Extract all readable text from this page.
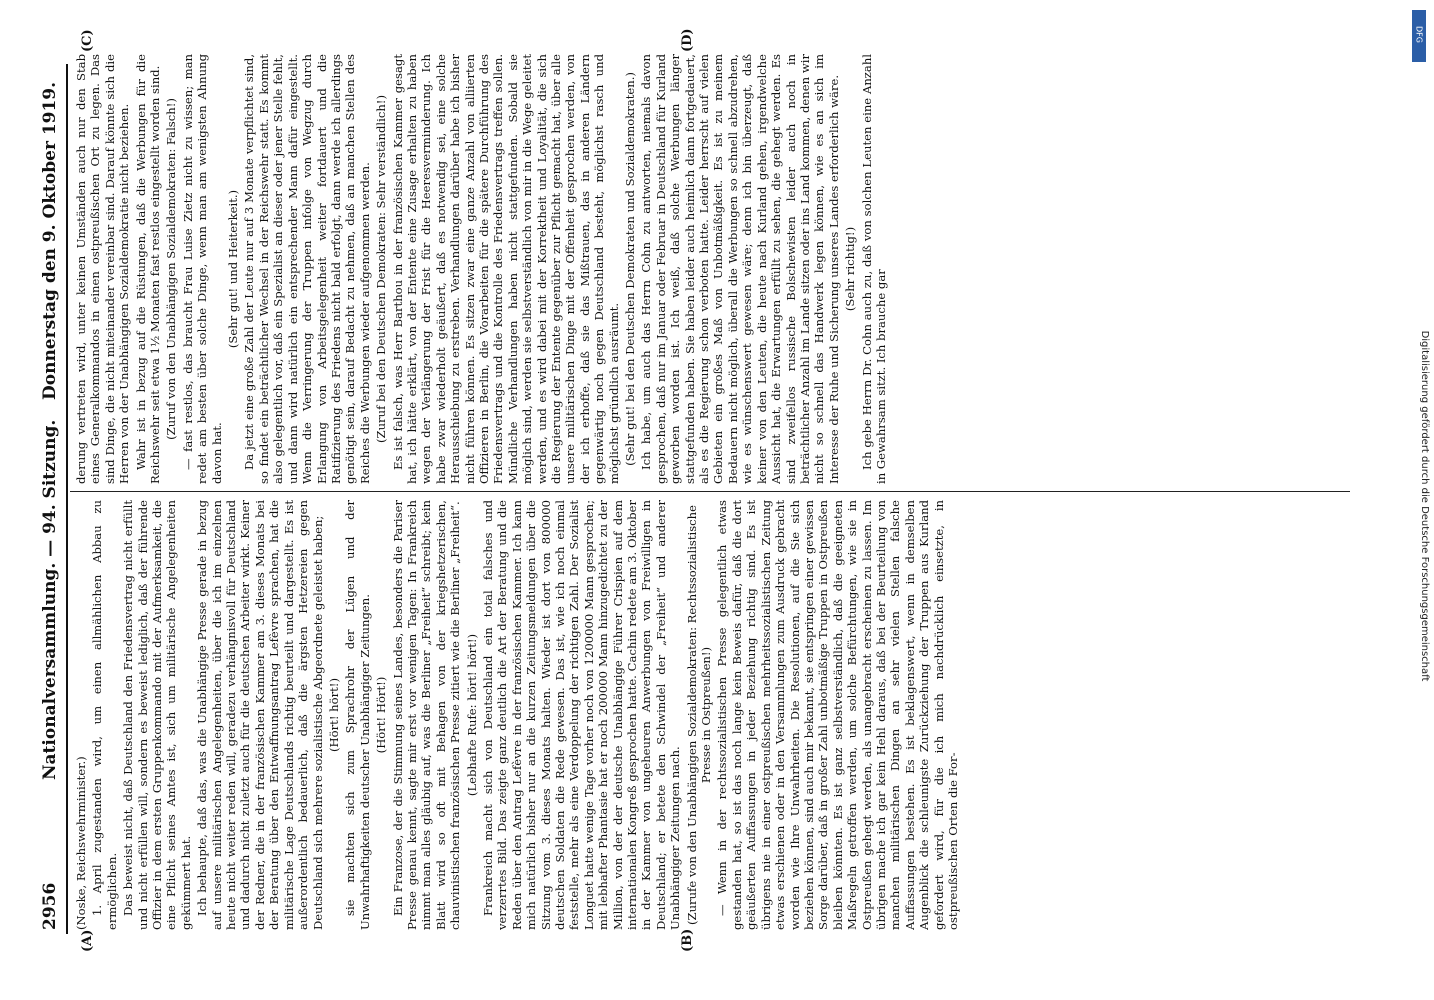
2956
Nationalversammlung. — 94. Sitzung.
Donnerstag den 9. Oktober 1919.
(A)	(B)
(C)	(D)

(Noske, Reichswehrminister.) 1. April zugestanden wird, um einen allmählichen Abbau zu ermöglichen. Das beweist nicht, daß Deutschland den Friedensvertrag nicht erfüllt und nicht erfüllen will, sondern es beweist lediglich, daß der führende Offizier in dem ersten Gruppenkommando mit der Aufmerksamkeit, die eine Pflicht seines Amtes ist, sich um militärische Angelegenheiten gekümmert hat. Ich behaupte, daß das, was die Unabhängige Presse gerade in bezug auf unsere militärischen Angelegenheiten, über die ich im einzelnen heute nicht weiter reden will, geradezu verhängnisvoll für Deutschland und dadurch nicht zuletzt auch für die deutschen Arbeiter wirkt. Keiner der Redner, die in der französischen Kammer am 3. dieses Monats bei der Beratung über den Entwaffnungsantrag Lefèvre sprachen, hat die militärische Lage Deutschlands richtig beurteilt und dargestellt. Es ist außerordentlich bedauerlich, daß die ärgsten Hetzereien gegen Deutschland sich mehrere sozialistische Abgeordnete geleistet haben; (Hört! hört!) sie machten sich zum Sprachrohr der Lügen und der Unwahrhaftigkeiten deutscher Unabhängiger Zeitungen. (Hört! Hört!) Ein Franzose, der die Stimmung seines Landes, besonders die Pariser Presse genau kennt, sagte mir erst vor wenigen Tagen: In Frankreich nimmt man alles gläubig auf, was die Berliner „Freiheit“ schreibt; kein Blatt wird so oft mit Behagen von der kriegshetzerischen, chauvinistischen französischen Presse zitiert wie die Berliner „Freiheit“. (Lebhafte Rufe: hört! hört!) Frankreich macht sich von Deutschland ein total falsches und verzerrtes Bild. Das zeigte ganz deutlich die Art der Beratung und die Reden über den Antrag Lefèvre in der französischen Kammer. Ich kann mich natürlich bisher nur an die kurzen Zeitungsmeldungen über die Sitzung vom 3. dieses Monats halten. Wieder ist dort von 800000 deutschen Soldaten die Rede gewesen. Das ist, wie ich noch einmal feststelle, mehr als eine Verdoppelung der richtigen Zahl. Der Sozialist Longuet hatte wenige Tage vorher noch von 1200000 Mann gesprochen; mit lebhafter Phantasie hat er noch 200000 Mann hinzugedichtet zu der Million, von der der deutsche Unabhängige Führer Crispien auf dem internationalen Kongreß gesprochen hatte. Cachin redete am 3. Oktober in der Kammer von ungeheuren Anwerbungen von Freiwilligen in Deutschland; er betete den Schwindel der „Freiheit“ und anderer Unabhängiger Zeitungen nach. (Zurufe von den Unabhängigen Sozialdemokraten: Rechtssozialistische Presse in Ostpreußen!) — Wenn in der rechtssozialistischen Presse gelegentlich etwas gestanden hat, so ist das noch lange kein Beweis dafür, daß die dort geäußerten Auffassungen in jeder Beziehung richtig sind. Es ist übrigens nie in einer ostpreußischen mehrheitssozialistischen Zeitung etwas erschienen oder in den Versammlungen zum Ausdruck gebracht worden wie Ihre Unwahrheiten. Die Resolutionen, auf die Sie sich beziehen können, sind auch mir bekannt, sie entspringen einer gewissen Sorge darüber, daß in großer Zahl unbotmäßige Truppen in Ostpreußen bleiben könnten. Es ist ganz selbstverständlich, daß die geeigneten Maßregeln getroffen werden, um solche Befürchtungen, wie sie in Ostpreußen gehegt werden, als unangebracht erscheinen zu lassen. Im übrigen mache ich gar kein Hehl daraus, daß bei der Beurteilung von manchen militärischen Dingen an sehr vielen Stellen falsche Auffassungen bestehen. Es ist beklagenswert, wenn in demselben Augenblick die schleunigste Zurückziehung der Truppen aus Kurland gefordert wird, für die ich mich nachdrücklich einsetzte, in ostpreußischen Orten die For-

derung vertreten wird, unter keinen Umständen auch nur den Stab eines Generalkommandos in einen ostpreußischen Ort zu legen. Das sind Dinge, die nicht miteinander vereinbar sind. Darauf könnte sich die Herren von der Unabhängigen Sozialdemokratie nicht beziehen. Wahr ist in bezug auf die Rüstungen, daß die Werbungen für die Reichswehr seit etwa 1½ Monaten fast restlos eingestellt worden sind. (Zuruf von den Unabhängigen Sozialdemokraten: Falsch!) — fast restlos, das braucht Frau Luise Zietz nicht zu wissen; man redet am besten über solche Dinge, wenn man am wenigsten Ahnung davon hat.

(Sehr gut! und Heiterkeit.) Da jetzt eine große Zahl der Leute nur auf 3 Monate verpflichtet sind, so findet ein beträchtlicher Wechsel in der Reichswehr statt. Es kommt also gelegentlich vor, daß ein Spezialist an dieser oder jener Stelle fehlt, und dann wird natürlich ein entsprechender Mann dafür eingestellt. Wenn die Verringerung der Truppen infolge von Wegzug durch Erlangung von Arbeitsgelegenheit weiter fortdauert und die Ratifizierung des Friedens nicht bald erfolgt, dann werde ich allerdings genötigt sein, darauf Bedacht zu nehmen, daß an manchen Stellen des Reiches die Werbungen wieder aufgenommen werden. (Zuruf bei den Deutschen Demokraten: Sehr verständlich!) Es ist falsch, was Herr Barthou in der französischen Kammer gesagt hat, ich hätte erklärt, von der Entente eine Zusage erhalten zu haben wegen der Verlängerung der Frist für die Heeresverminderung. Ich habe zwar wiederholt geäußert, daß es notwendig sei, eine solche Herausschiebung zu erstreben. Verhandlungen darüber habe ich bisher nicht führen können. Es sitzen zwar eine ganze Anzahl von alliierten Offizieren in Berlin, die Vorarbeiten für die spätere Durchführung des Friedensvertrags und die Kontrolle des Friedensvertrags treffen sollen. Mündliche Verhandlungen haben nicht stattgefunden. Sobald sie möglich sind, werden sie selbstverständlich von mir in die Wege geleitet werden, und es wird dabei mit der Korrektheit und Loyalität, die sich die Regierung der Entente gegenüber zur Pflicht gemacht hat, über alle unsere militärischen Dinge mit der Offenheit gesprochen werden, von der ich erhoffe, daß sie das Mißtrauen, das in anderen Ländern gegenwärtig noch gegen Deutschland besteht, möglichst rasch und möglichst gründlich ausräumt. (Sehr gut! bei den Deutschen Demokraten und Sozialdemokraten.) Ich habe, um auch das Herrn Cohn zu antworten, niemals davon gesprochen, daß nur im Januar oder Februar in Deutschland für Kurland geworben worden ist. Ich weiß, daß solche Werbungen länger stattgefunden haben. Sie haben leider auch heimlich dann fortgedauert, als es die Regierung schon verboten hatte. Leider herrscht auf vielen Gebieten ein großes Maß von Unbotmäßigkeit. Es ist zu meinem Bedauern nicht möglich, überall die Werbungen so schnell abzudrehen, wie es wünschenswert gewesen wäre; denn ich bin überzeugt, daß keiner von den Leuten, die heute nach Kurland gehen, irgendwelche Aussicht hat, die Erwartungen erfüllt zu sehen, die gehegt werden. Es sind zweifellos russische Bolschewisten leider auch noch in beträchtlicher Anzahl im Lande sitzen oder ins Land kommen, denen wir nicht so schnell das Handwerk legen können, wie es an sich im Interesse der Ruhe und Sicherung unseres Landes erforderlich wäre. (Sehr richtig!) Ich gebe Herrn Dr. Cohn auch zu, daß von solchen Leuten eine Anzahl in Gewahrsam sitzt. Ich brauche gar	Digitalisierung gefördert durch die Deutsche Forschungsgemeinschaft
DFG
